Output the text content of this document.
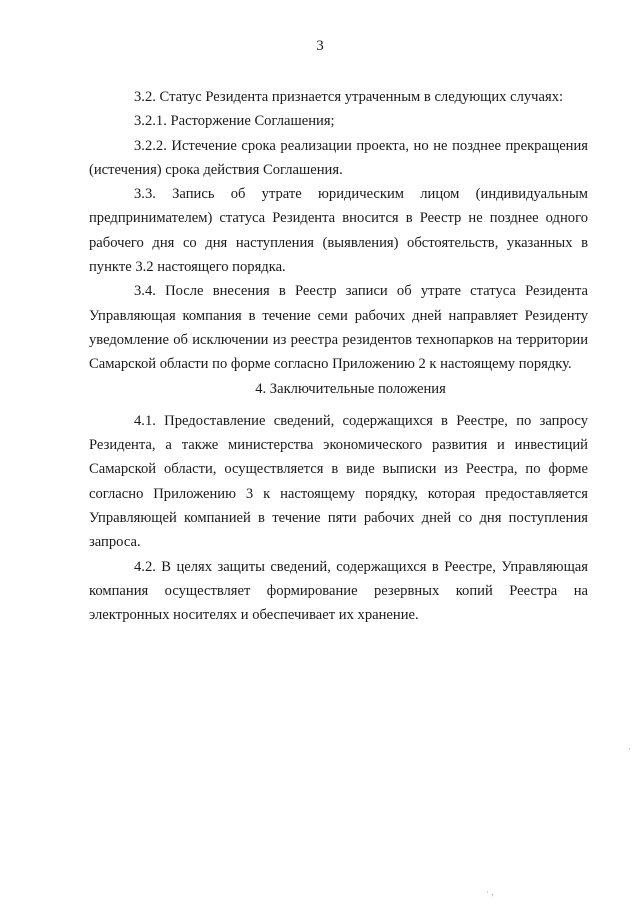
3

3.2. Статус Резидента признается утраченным в следующих случаях:

3.2.1. Расторжение Соглашения;

3.2.2. Истечение срока реализации проекта, но не позднее прекращения (истечения) срока действия Соглашения.

3.3. Запись об утрате юридическим лицом (индивидуальным предпринимателем) статуса Резидента вносится в Реестр не позднее одного рабочего дня со дня наступления (выявления) обстоятельств, указанных в пункте 3.2 настоящего порядка.

3.4. После внесения в Реестр записи об утрате статуса Резидента Управляющая компания в течение семи рабочих дней направляет Резиденту уведомление об исключении из реестра резидентов технопарков на территории Самарской области по форме согласно Приложению 2 к настоящему порядку.

4. Заключительные положения

4.1. Предоставление сведений, содержащихся в Реестре, по запросу Резидента, а также министерства экономического развития и инвестиций Самарской области, осуществляется в виде выписки из Реестра, по форме согласно Приложению 3 к настоящему порядку, которая предоставляется Управляющей компанией в течение пяти рабочих дней со дня поступления запроса.

4.2. В целях защиты сведений, содержащихся в Реестре, Управляющая компания осуществляет формирование резервных копий Реестра на электронных носителях и обеспечивает их хранение.

· ,
·
